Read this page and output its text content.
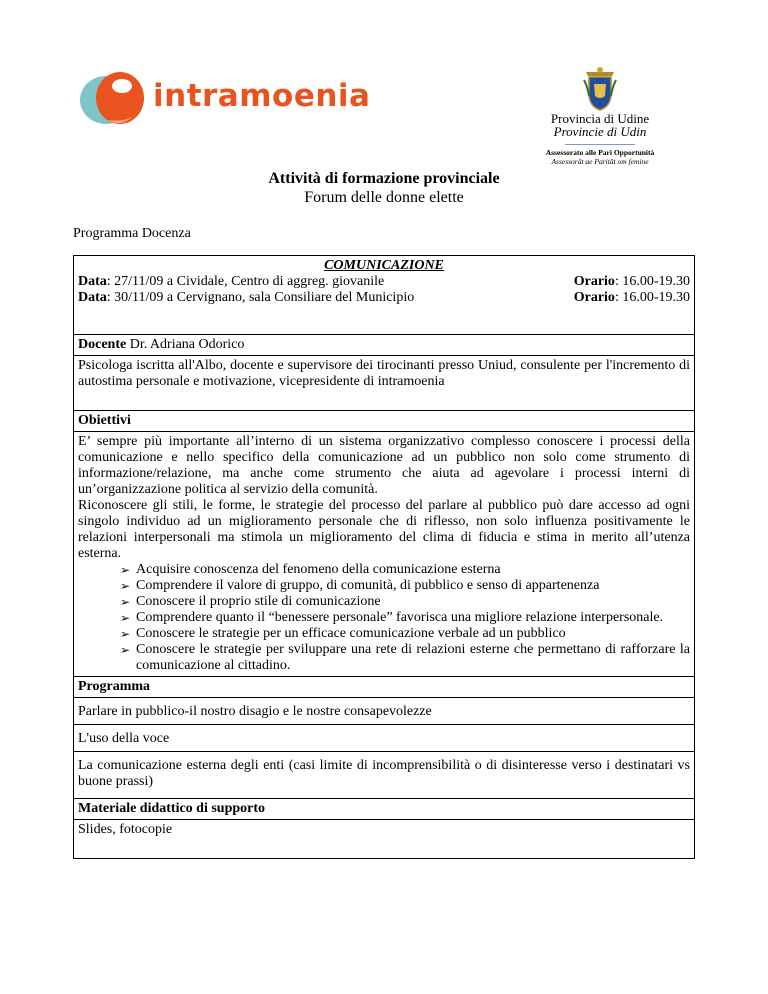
intramoenia
Provincia di Udine
Provincie di Udin
Assessorato alle Pari Opportunità
Assessorât ae Paritât om femine
Attività di formazione provinciale
Forum delle donne elette
Programma Docenza
COMUNICAZIONE
Data: 27/11/09 a Cividale, Centro di aggreg. giovanile	Orario: 16.00-19.30
Data: 30/11/09 a Cervignano, sala Consiliare del Municipio	Orario: 16.00-19.30

Docente Dr. Adriana Odorico

Psicologa iscritta all'Albo, docente e supervisore dei tirocinanti presso Uniud, consulente per l'incremento di autostima personale e motivazione, vicepresidente di intramoenia

Obiettivi

E’ sempre più importante all’interno di un sistema organizzativo complesso conoscere i processi della comunicazione e nello specifico della comunicazione ad un pubblico non solo come strumento di informazione/relazione, ma anche come strumento che aiuta ad agevolare i processi interni di un’organizzazione politica al servizio della comunità.
Riconoscere gli stili, le forme, le strategie del processo del parlare al pubblico può dare accesso ad ogni singolo individuo ad un miglioramento personale che di riflesso, non solo influenza positivamente le relazioni interpersonali ma stimola un miglioramento del clima di fiducia e stima in merito all’utenza esterna.
➢ Acquisire conoscenza del fenomeno della comunicazione esterna
➢ Comprendere il valore di gruppo, di comunità, di pubblico e senso di appartenenza
➢ Conoscere il proprio stile di comunicazione
➢ Comprendere quanto il “benessere personale” favorisca una migliore relazione interpersonale.
➢ Conoscere le strategie per un efficace comunicazione verbale ad un pubblico
➢ Conoscere le strategie per sviluppare una rete di relazioni esterne che permettano di rafforzare la comunicazione al cittadino.

Programma

Parlare in pubblico-il nostro disagio e le nostre consapevolezze

L'uso della voce

La comunicazione esterna degli enti (casi limite di incomprensibilità o di disinteresse verso i destinatari vs buone prassi)

Materiale didattico di supporto

Slides, fotocopie
